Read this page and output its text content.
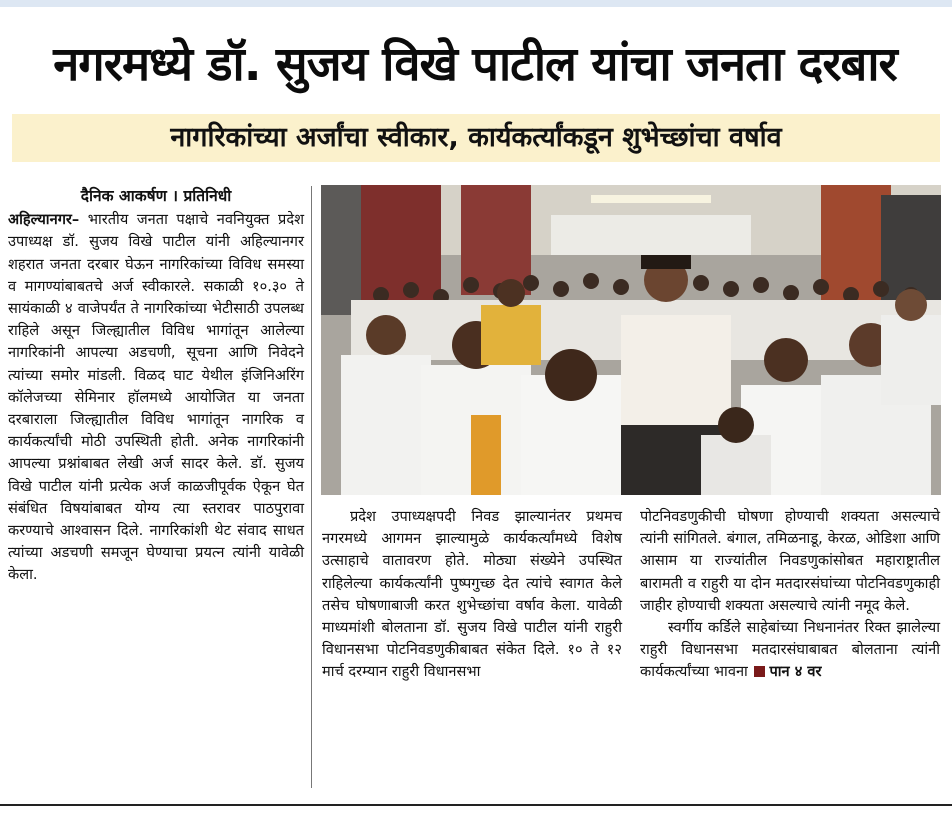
नगरमध्ये डॉ. सुजय विखे पाटील यांचा जनता दरबार
नागरिकांच्या अर्जांचा स्वीकार, कार्यकर्त्यांकडून शुभेच्छांचा वर्षाव
दैनिक आकर्षण । प्रतिनिधी

अहिल्यानगर– भारतीय जनता पक्षाचे नवनियुक्त प्रदेश उपाध्यक्ष डॉ. सुजय विखे पाटील यांनी अहिल्यानगर शहरात जनता दरबार घेऊन नागरिकांच्या विविध समस्या व मागण्यांबाबतचे अर्ज स्वीकारले. सकाळी १०.३० ते सायंकाळी ४ वाजेपर्यंत ते नागरिकांच्या भेटीसाठी उपलब्ध राहिले असून जिल्ह्यातील विविध भागांतून आलेल्या नागरिकांनी आपल्या अडचणी, सूचना आणि निवेदने त्यांच्या समोर मांडली. विळद घाट येथील इंजिनिअरिंग कॉलेजच्या सेमिनार हॉलमध्ये आयोजित या जनता दरबाराला जिल्ह्यातील विविध भागांतून नागरिक व कार्यकर्त्यांची मोठी उपस्थिती होती. अनेक नागरिकांनी आपल्या प्रश्नांबाबत लेखी अर्ज सादर केले. डॉ. सुजय विखे पाटील यांनी प्रत्येक अर्ज काळजीपूर्वक ऐकून घेत संबंधित विषयांबाबत योग्य त्या स्तरावर पाठपुरावा करण्याचे आश्वासन दिले. नागरिकांशी थेट संवाद साधत त्यांच्या अडचणी समजून घेण्याचा प्रयत्न त्यांनी यावेळी केला.

प्रदेश उपाध्यक्षपदी निवड झाल्यानंतर प्रथमच नगरमध्ये आगमन झाल्यामुळे कार्यकर्त्यांमध्ये विशेष उत्साहाचे वातावरण होते. मोठ्या संख्येने उपस्थित राहिलेल्या कार्यकर्त्यांनी पुष्पगुच्छ देत त्यांचे स्वागत केले तसेच घोषणाबाजी करत शुभेच्छांचा वर्षाव केला. यावेळी माध्यमांशी बोलताना डॉ. सुजय विखे पाटील यांनी राहुरी विधानसभा पोटनिवडणुकीबाबत संकेत दिले. १० ते १२ मार्च दरम्यान राहुरी विधानसभा

पोटनिवडणुकीची घोषणा होण्याची शक्यता असल्याचे त्यांनी सांगितले. बंगाल, तमिळनाडू, केरळ, ओडिशा आणि आसाम या राज्यांतील निवडणुकांसोबत महाराष्ट्रातील बारामती व राहुरी या दोन मतदारसंघांच्या पोटनिवडणुकाही जाहीर होण्याची शक्यता असल्याचे त्यांनी नमूद केले.

स्वर्गीय कर्डिले साहेबांच्या निधनानंतर रिक्त झालेल्या राहुरी विधानसभा मतदारसंघाबाबत बोलताना त्यांनी कार्यकर्त्यांच्या भावना पान ४ वर
